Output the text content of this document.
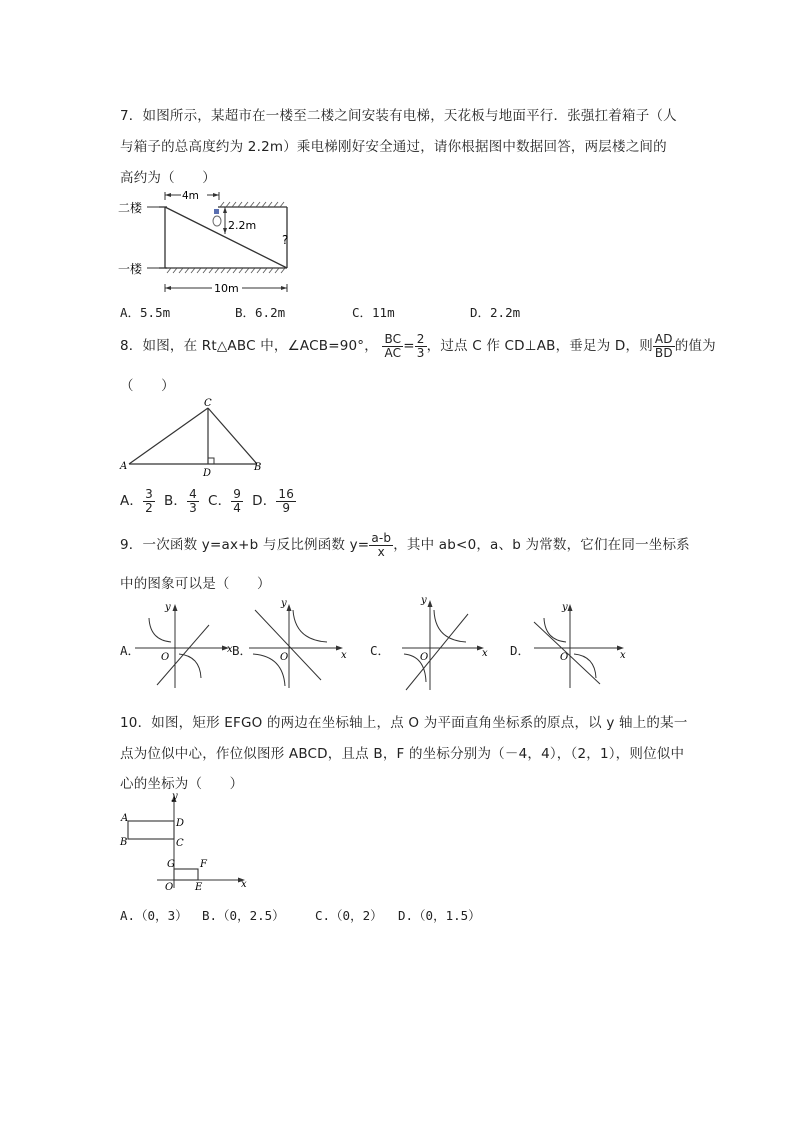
7．如图所示，某超市在一楼至二楼之间安装有电梯，天花板与地面平行．张强扛着箱子（人
与箱子的总高度约为 2.2m）乘电梯刚好安全通过，请你根据图中数据回答，两层楼之间的
高约为（　　）
4m
?
2.2m
二楼
一楼
10m
A．5.5m	B．6.2m	C．11m	D．2.2m
8．如图，在 Rt△ABC 中，∠ACB=90°， $\frac{BC}{AC} = \frac{2}{3}$ ，过点 C 作 CD⊥AB，垂足为 D，则 $\frac{AD}{BD}$ 的值为
（　　）
A	B
C
D
A． $\frac{3}{2}$ B． $\frac{4}{3}$ C． $\frac{9}{4}$ D． $\frac{16}{9}$
9．一次函数 y=ax+b 与反比例函数 $y= \frac{a-b}{x}$ ，其中 ab<0，a、b 为常数，它们在同一坐标系
中的图象可以是（　　）
A．	x
y
O	B．	x
y
O	C．	x
y
O	D．	x
y
O
10．如图，矩形 EFGO 的两边在坐标轴上，点 O 为平面直角坐标系的原点，以 y 轴上的某一
点为位似中心，作位似图形 ABCD，且点 B，F 的坐标分别为（－4，4），（2，1），则位似中
心的坐标为（　　）
x
y
A
B
D
C
G	F
O E
A.（0，3） B.（0，2.5） C.（0，2） D.（0，1.5）
